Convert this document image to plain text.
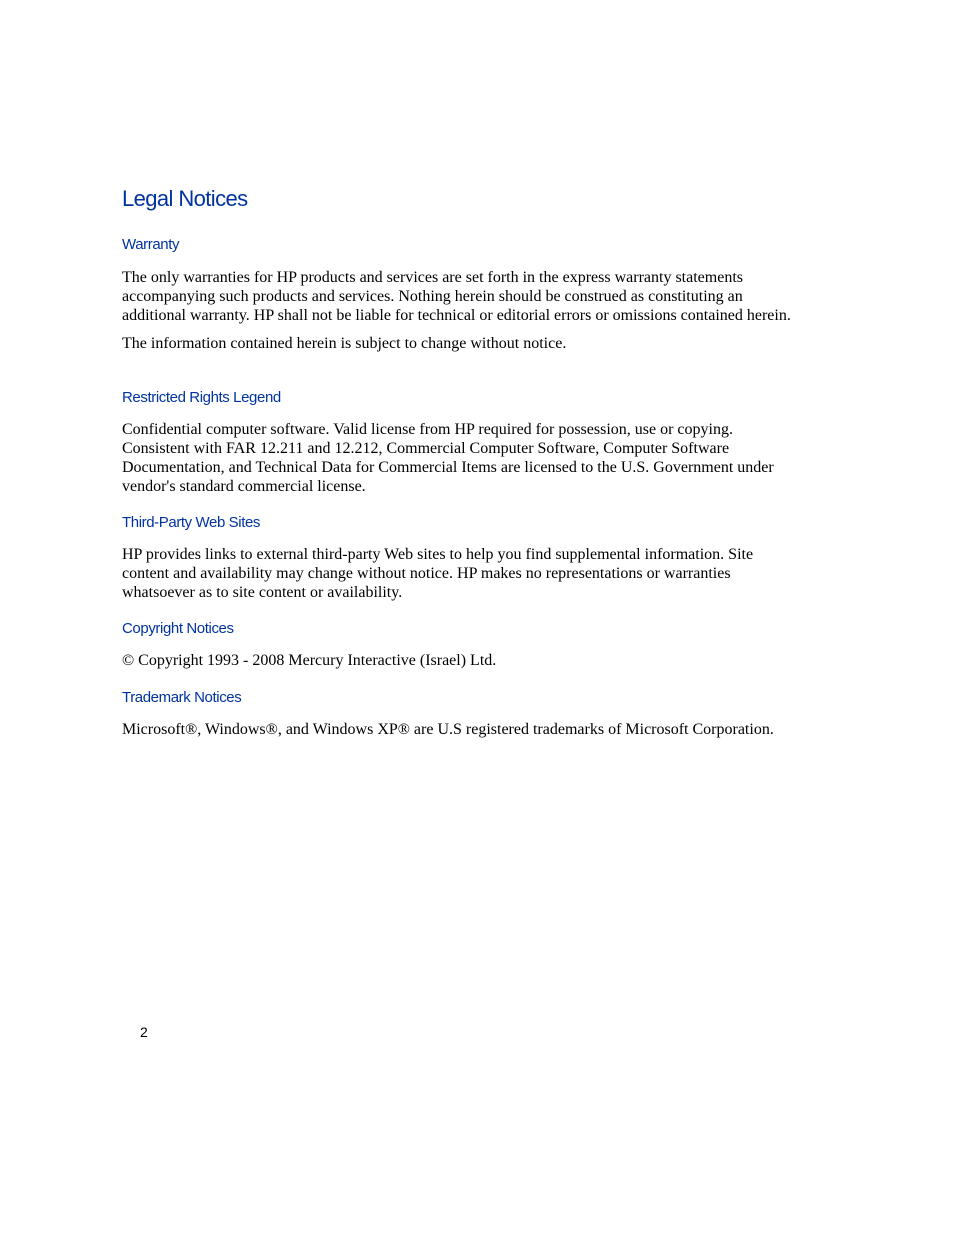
Legal Notices
Warranty

The only warranties for HP products and services are set forth in the express warranty statements accompanying such products and services. Nothing herein should be construed as constituting an additional warranty. HP shall not be liable for technical or editorial errors or omissions contained herein.

The information contained herein is subject to change without notice.

Restricted Rights Legend

Confidential computer software. Valid license from HP required for possession, use or copying. Consistent with FAR 12.211 and 12.212, Commercial Computer Software, Computer Software Documentation, and Technical Data for Commercial Items are licensed to the U.S. Government under vendor's standard commercial license.

Third-Party Web Sites

HP provides links to external third-party Web sites to help you find supplemental information. Site content and availability may change without notice. HP makes no representations or warranties whatsoever as to site content or availability.

Copyright Notices

© Copyright 1993 - 2008 Mercury Interactive (Israel) Ltd.

Trademark Notices

Microsoft®, Windows®, and Windows XP® are U.S registered trademarks of Microsoft Corporation.

2
